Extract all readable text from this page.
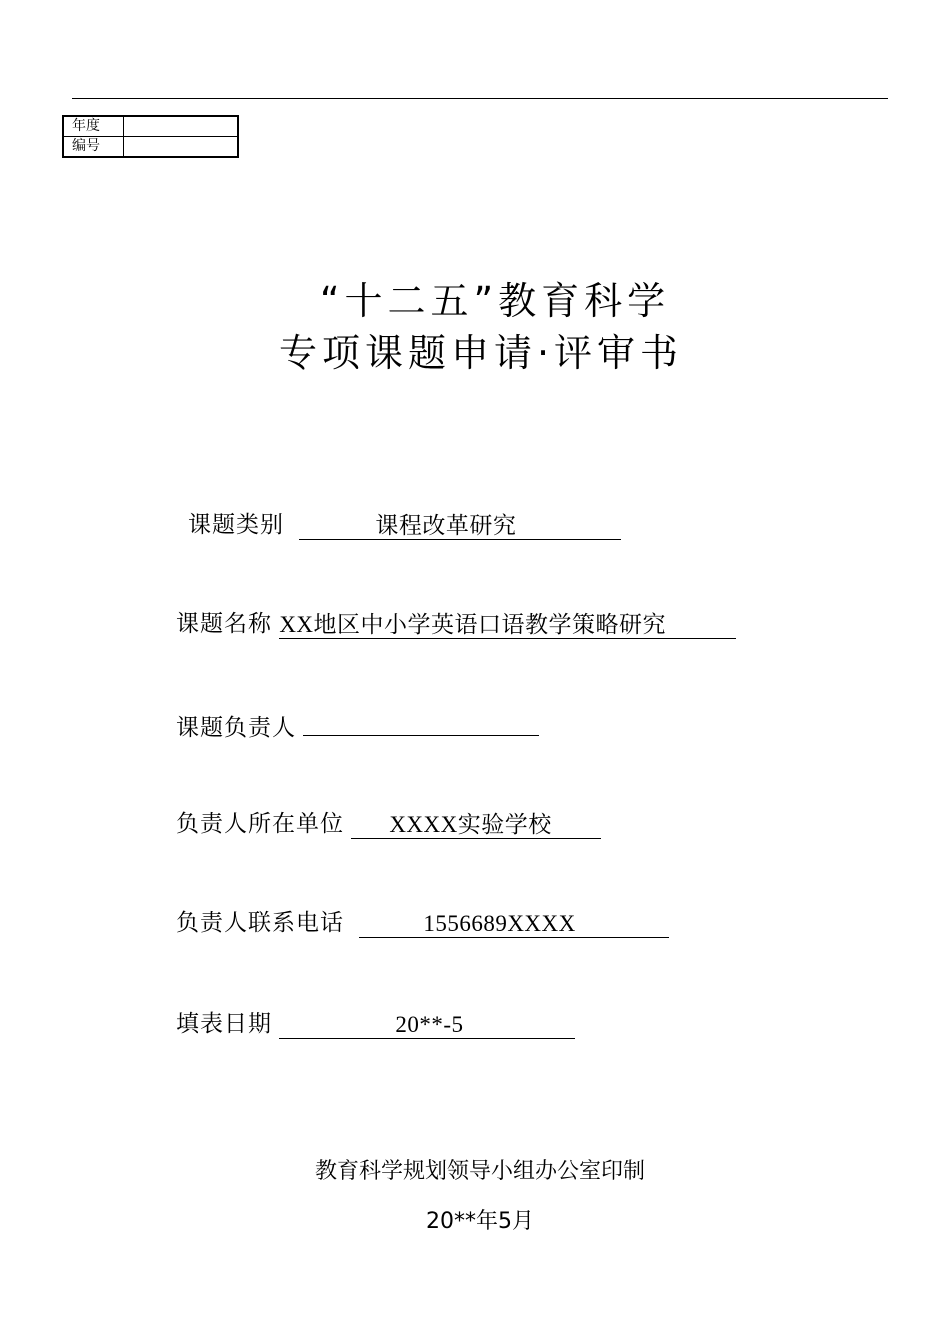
年度	
编号	
“十二五”教育科学
专项课题申请·评审书
课题类别	课程改革研究
课题名称 XX地区中小学英语口语教学策略研究
课题负责人
负责人所在单位 XXXX实验学校
负责人联系电话	1556689XXXX
填表日期	20**-5
教育科学规划领导小组办公室印制
20**年5月
